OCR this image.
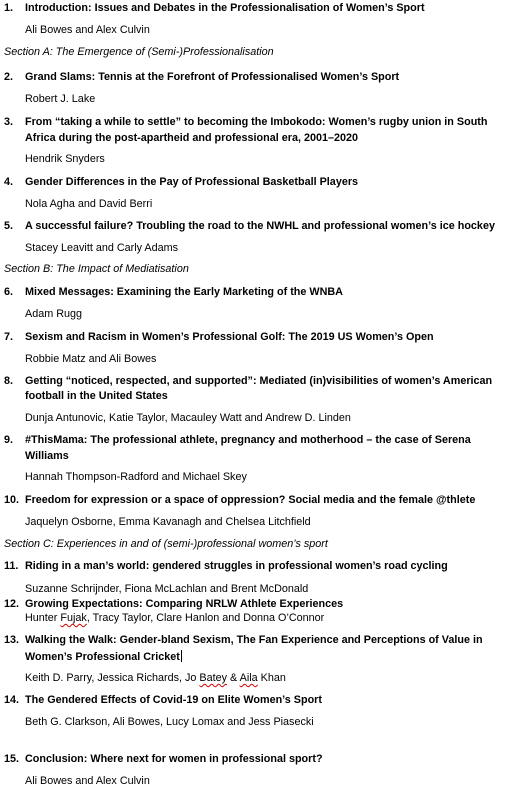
1. Introduction: Issues and Debates in the Professionalisation of Women’s Sport
Ali Bowes and Alex Culvin
Section A: The Emergence of (Semi-)Professionalisation
2. Grand Slams: Tennis at the Forefront of Professionalised Women’s Sport
Robert J. Lake
3. From “taking a while to settle” to becoming the Imbokodo: Women’s rugby union in South
Africa during the post-apartheid and professional era, 2001–2020
Hendrik Snyders
4. Gender Differences in the Pay of Professional Basketball Players
Nola Agha and David Berri
5. A successful failure? Troubling the road to the NWHL and professional women’s ice hockey
Stacey Leavitt and Carly Adams
Section B: The Impact of Mediatisation
6. Mixed Messages: Examining the Early Marketing of the WNBA
Adam Rugg
7. Sexism and Racism in Women’s Professional Golf: The 2019 US Women’s Open
Robbie Matz and Ali Bowes
8. Getting “noticed, respected, and supported”: Mediated (in)visibilities of women’s American
football in the United States
Dunja Antunovic, Katie Taylor, Macauley Watt and Andrew D. Linden
9. #ThisMama: The professional athlete, pregnancy and motherhood – the case of Serena
Williams
Hannah Thompson-Radford and Michael Skey
10. Freedom for expression or a space of oppression? Social media and the female @thlete
Jaquelyn Osborne, Emma Kavanagh and Chelsea Litchfield
Section C: Experiences in and of (semi-)professional women’s sport
11. Riding in a man’s world: gendered struggles in professional women’s road cycling
Suzanne Schrijnder, Fiona McLachlan and Brent McDonald
12. Growing Expectations: Comparing NRLW Athlete Experiences
Hunter Fujak, Tracy Taylor, Clare Hanlon and Donna O’Connor
13. Walking the Walk: Gender-bland Sexism, The Fan Experience and Perceptions of Value in
Women’s Professional Cricket
Keith D. Parry, Jessica Richards, Jo Batey & Aila Khan
14. The Gendered Effects of Covid-19 on Elite Women’s Sport
Beth G. Clarkson, Ali Bowes, Lucy Lomax and Jess Piasecki
15. Conclusion: Where next for women in professional sport?
Ali Bowes and Alex Culvin
